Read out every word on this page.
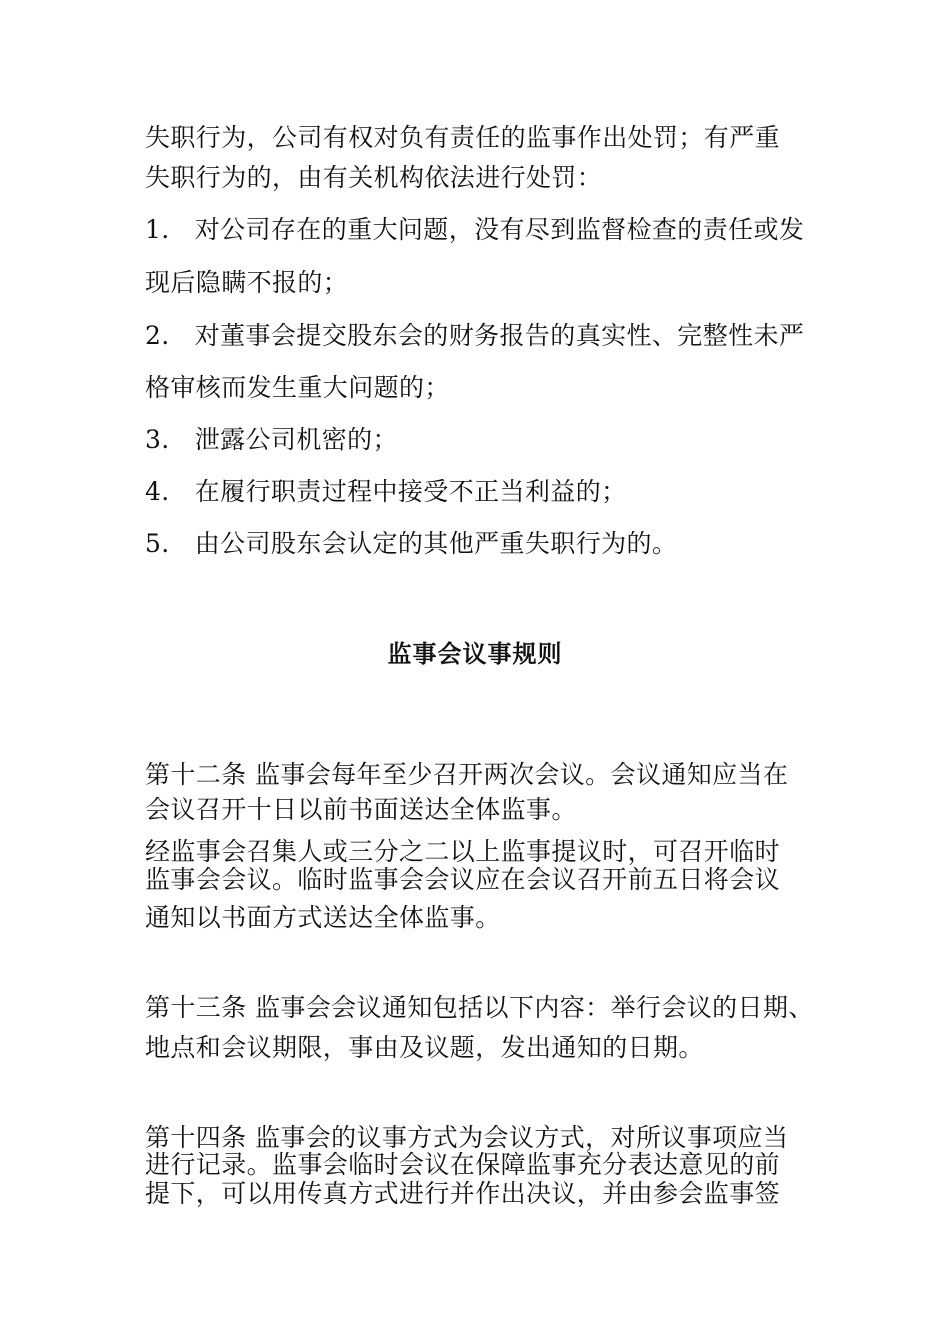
失职行为，公司有权对负有责任的监事作出处罚；有严重
失职行为的，由有关机构依法进行处罚：
1. 对公司存在的重大问题，没有尽到监督检查的责任或发
现后隐瞒不报的；
2. 对董事会提交股东会的财务报告的真实性、完整性未严
格审核而发生重大问题的；
3. 泄露公司机密的；
4. 在履行职责过程中接受不正当利益的；
5. 由公司股东会认定的其他严重失职行为的。
监事会议事规则
第十二条 监事会每年至少召开两次会议。会议通知应当在
会议召开十日以前书面送达全体监事。
经监事会召集人或三分之二以上监事提议时，可召开临时
监事会会议。临时监事会会议应在会议召开前五日将会议
通知以书面方式送达全体监事。
第十三条 监事会会议通知包括以下内容：举行会议的日期、
地点和会议期限，事由及议题，发出通知的日期。
第十四条 监事会的议事方式为会议方式，对所议事项应当
进行记录。监事会临时会议在保障监事充分表达意见的前
提下，可以用传真方式进行并作出决议，并由参会监事签
